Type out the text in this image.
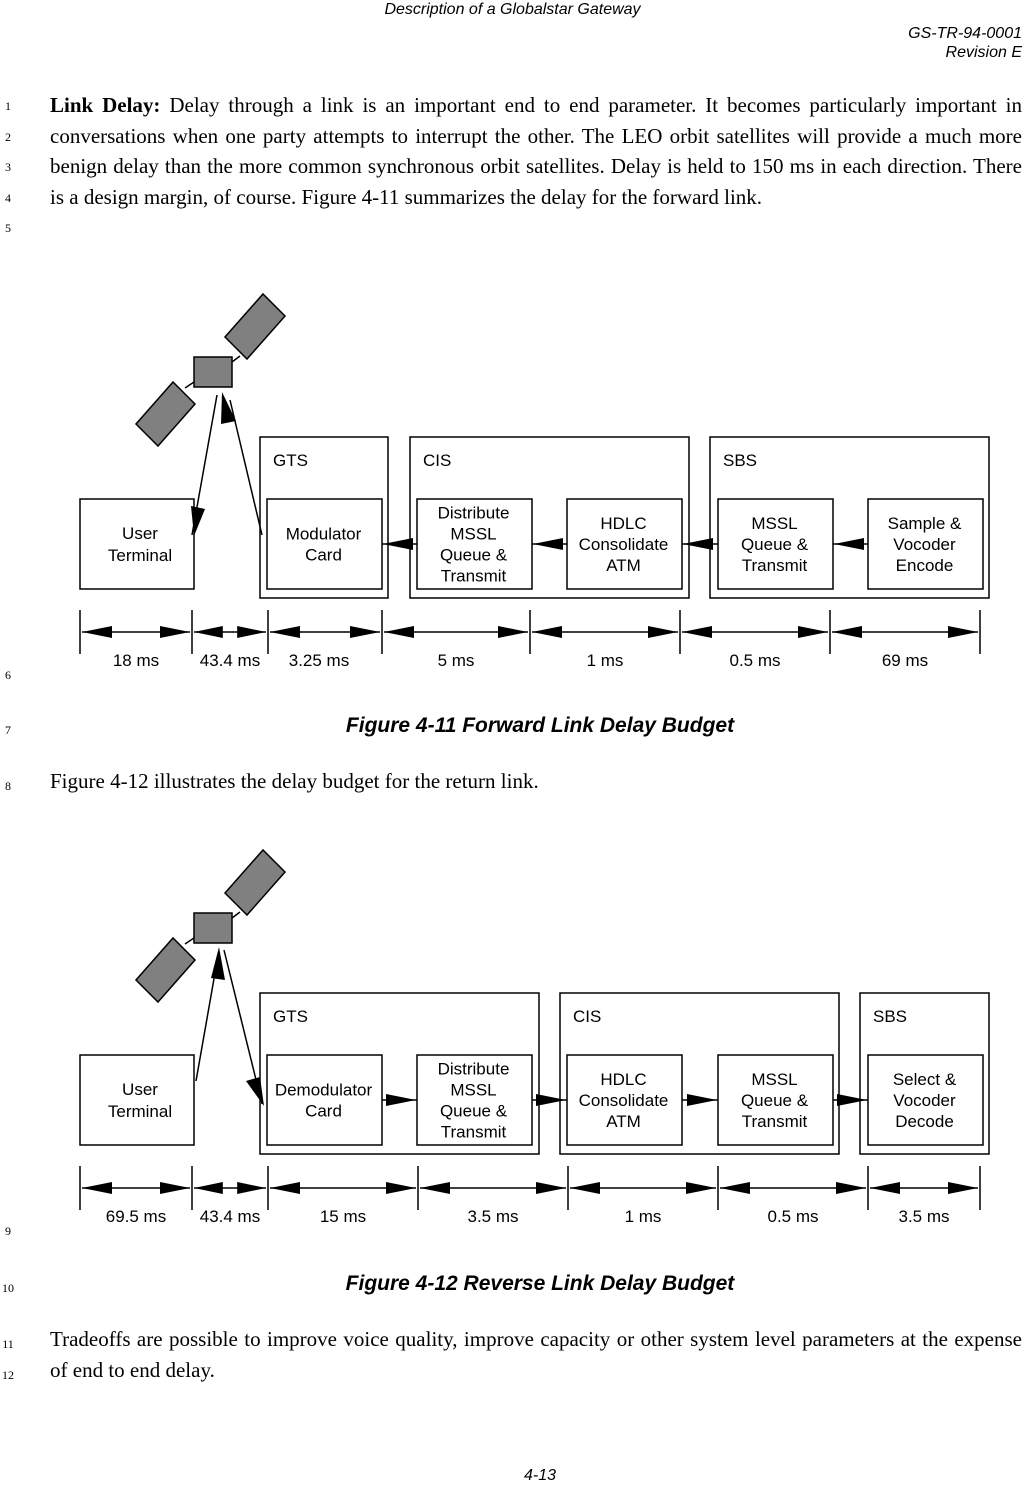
Description of a Globalstar Gateway
GS-TR-94-0001
Revision E
1
2
3
4
5
Link Delay: Delay through a link is an important end to end parameter. It becomes particularly important in conversations when one party attempts to interrupt the other. The LEO orbit satellites will provide a much more benign delay than the more common synchronous orbit satellites. Delay is held to 150 ms in each direction. There is a design margin, of course. Figure 4-11 summarizes the delay for the forward link.
6
User Terminal
GTS	CIS	SBS
Modulator Card
Distribute MSSL Queue & Transmit
HDLC Consolidate ATM
MSSL Queue & Transmit
Sample & Vocoder Encode
18 ms 43.4 ms 3.25 ms	5 ms	1 ms	0.5 ms	69 ms
7	Figure 4-11 Forward Link Delay Budget
8 Figure 4-12 illustrates the delay budget for the return link.
9
User Terminal
GTS	CIS	SBS
Demodulator Card
Distribute MSSL Queue & Transmit
HDLC Consolidate ATM
MSSL Queue & Transmit
Select & Vocoder Decode
69.5 ms 43.4 ms	15 ms	3.5 ms	1 ms	0.5 ms	3.5 ms
10	Figure 4-12 Reverse Link Delay Budget
11
12
Tradeoffs are possible to improve voice quality, improve capacity or other system level parameters at the expense of end to end delay.
4-13
